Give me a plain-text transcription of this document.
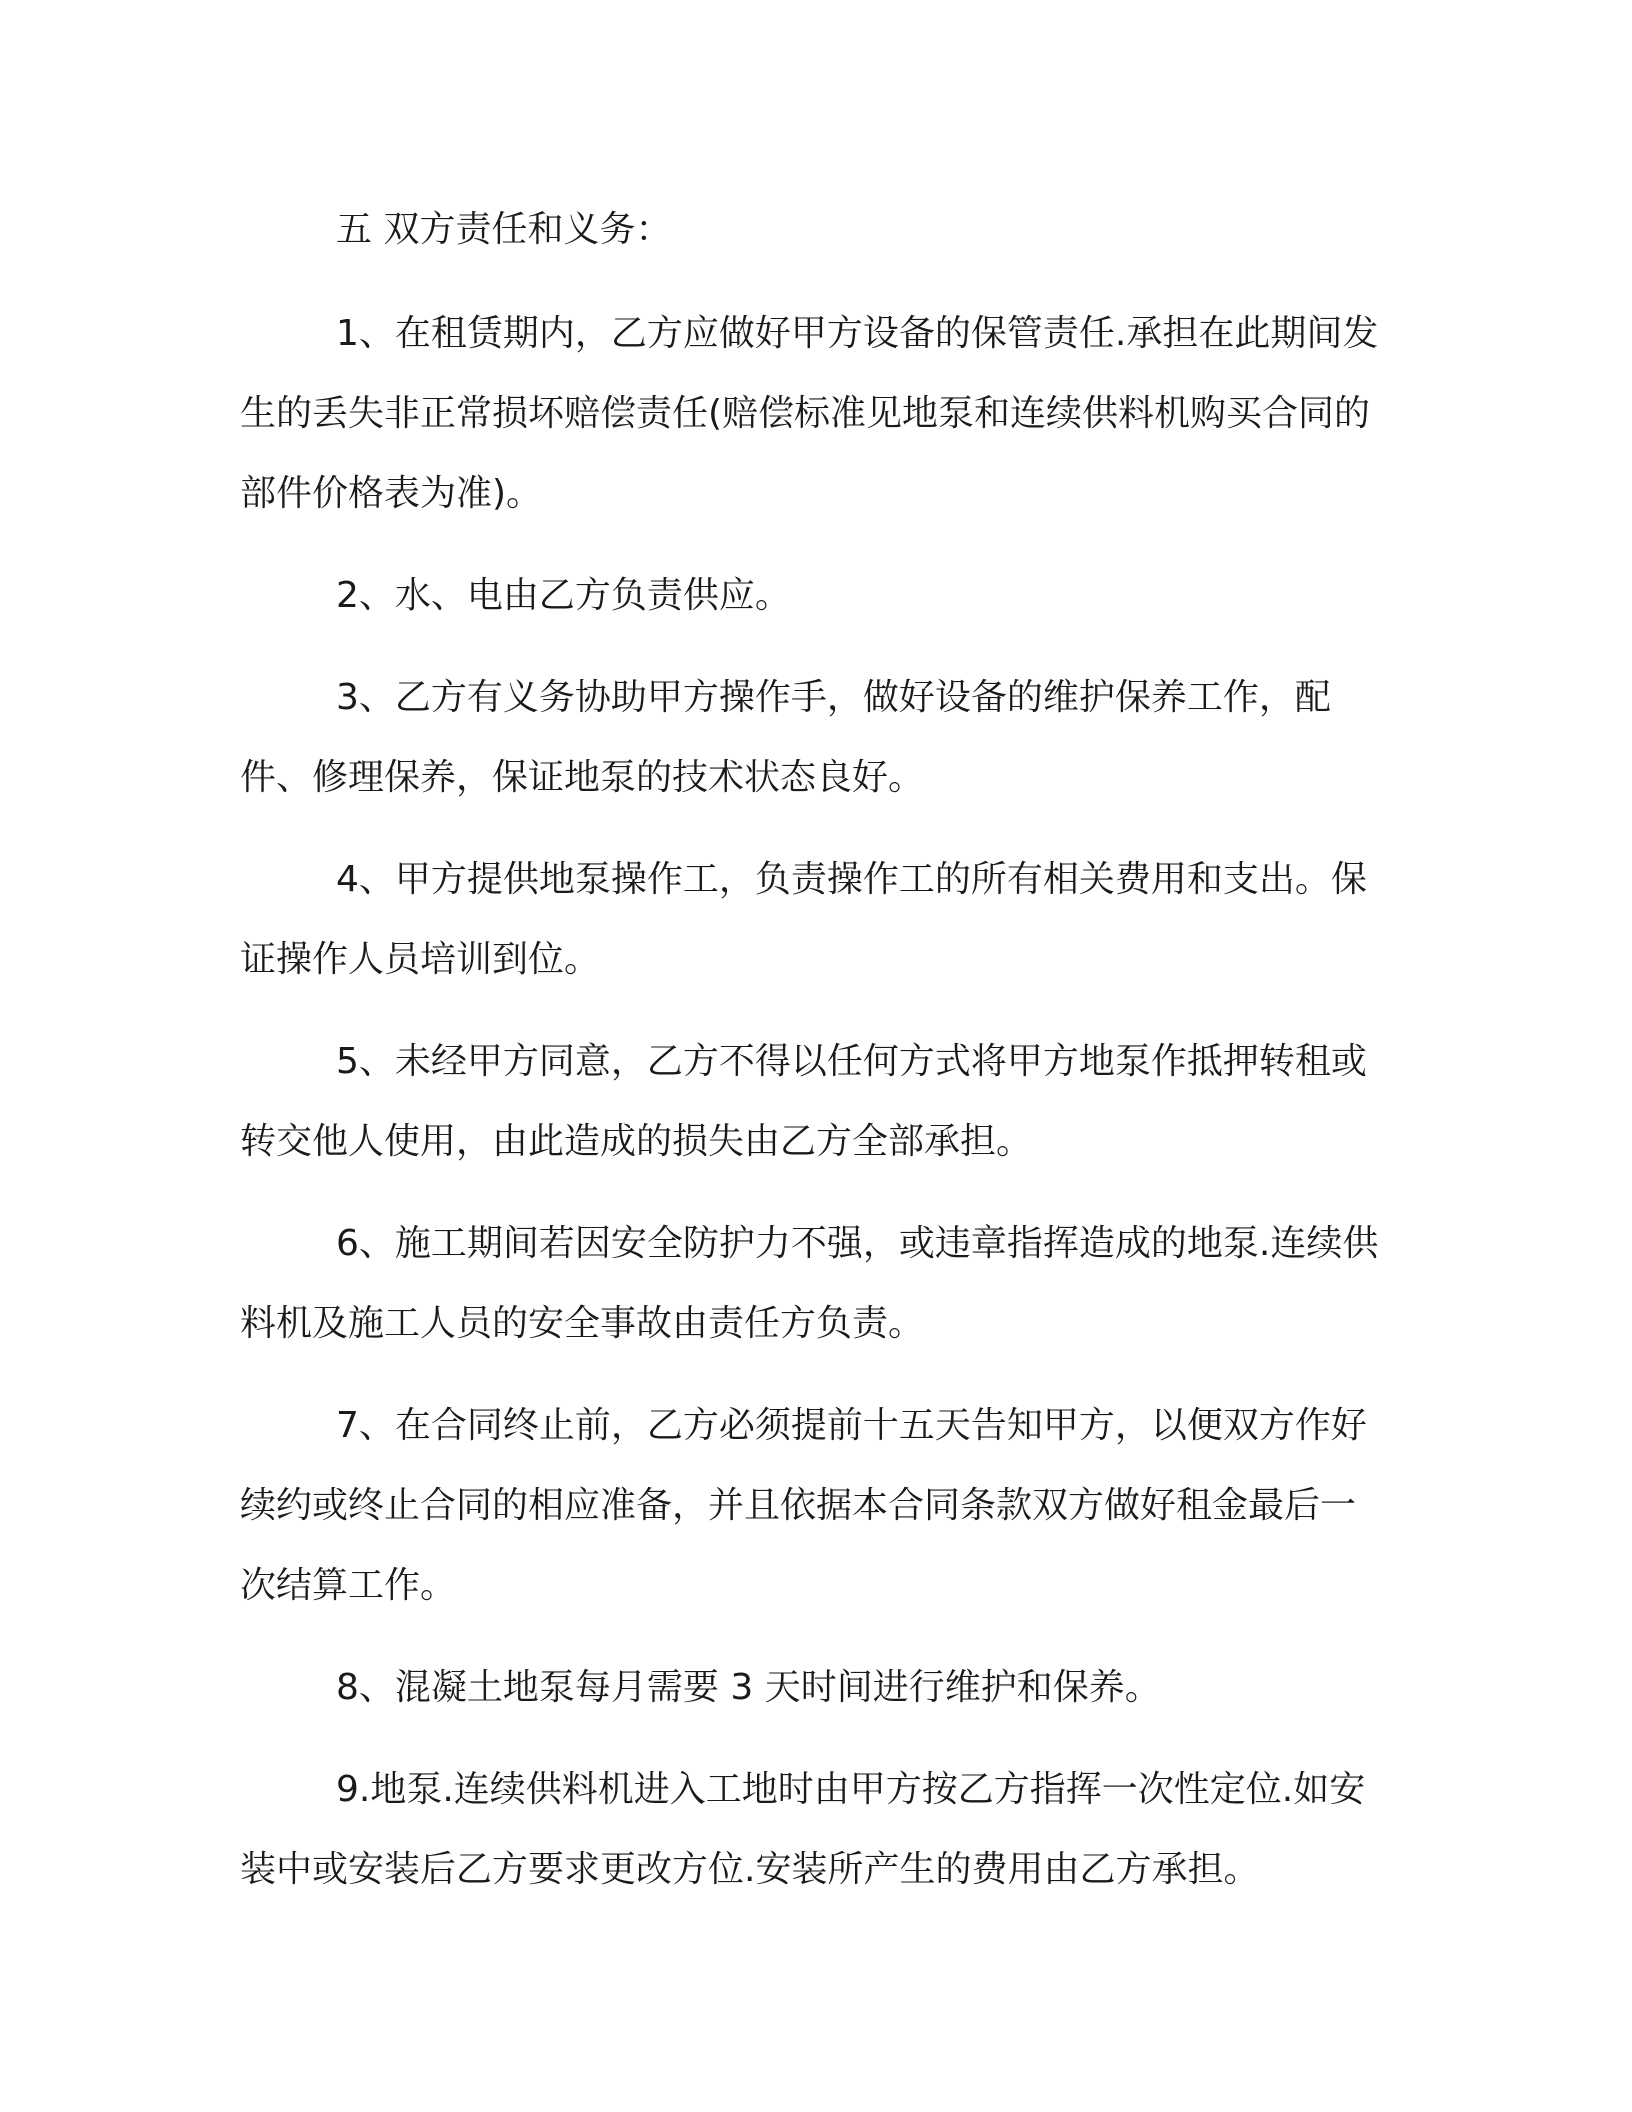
五 双方责任和义务：

1、在租赁期内，乙方应做好甲方设备的保管责任.承担在此期间发生的丢失非正常损坏赔偿责任(赔偿标准见地泵和连续供料机购买合同的部件价格表为准)。

2、水、电由乙方负责供应。

3、乙方有义务协助甲方操作手，做好设备的维护保养工作，配件、修理保养，保证地泵的技术状态良好。

4、甲方提供地泵操作工，负责操作工的所有相关费用和支出。保证操作人员培训到位。

5、未经甲方同意，乙方不得以任何方式将甲方地泵作抵押转租或转交他人使用，由此造成的损失由乙方全部承担。

6、施工期间若因安全防护力不强，或违章指挥造成的地泵.连续供料机及施工人员的安全事故由责任方负责。

7、在合同终止前，乙方必须提前十五天告知甲方，以便双方作好续约或终止合同的相应准备，并且依据本合同条款双方做好租金最后一次结算工作。

8、混凝土地泵每月需要 3 天时间进行维护和保养。

9.地泵.连续供料机进入工地时由甲方按乙方指挥一次性定位.如安装中或安装后乙方要求更改方位.安装所产生的费用由乙方承担。
